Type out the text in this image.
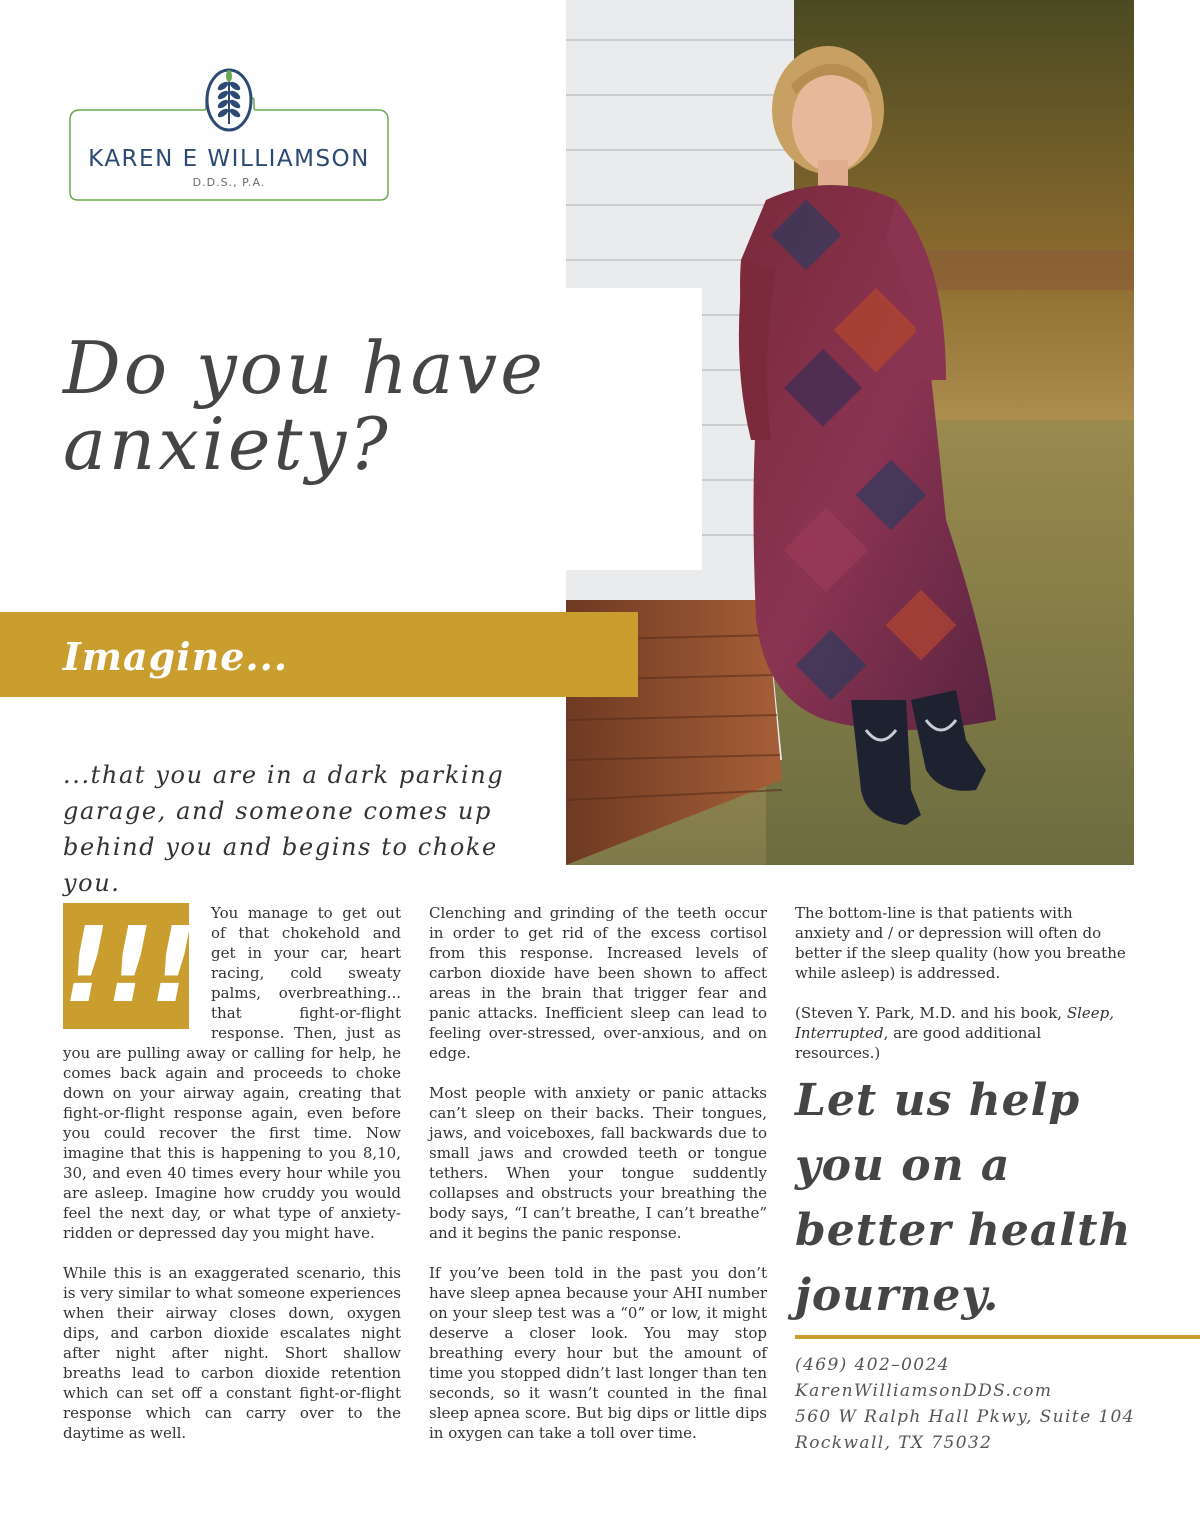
KAREN E WILLIAMSON
D.D.S., P.A.
Do you have
anxiety?
Imagine...
...that you are in a dark parking
garage, and someone comes up
behind you and begins to choke you.
!!!	You manage to get out of that chokehold and get in your car, heart racing, cold sweaty palms, overbreathing... that fight-or-flight response. Then, just as you are pulling away or calling for help, he comes back again and proceeds to choke down on your airway again, creating that fight-or-flight response again, even before you could recover the first time. Now imagine that this is happening to you 8,10, 30, and even 40 times every hour while you are asleep. Imagine how cruddy you would feel the next day, or what type of anxiety-ridden or depressed day you might have.

While this is an exaggerated scenario, this is very similar to what someone experiences when their airway closes down, oxygen dips, and carbon dioxide escalates night after night after night. Short shallow breaths lead to carbon dioxide retention which can set off a constant fight-or-flight response which can carry over to the daytime as well.

Clenching and grinding of the teeth occur in order to get rid of the excess cortisol from this response. Increased levels of carbon dioxide have been shown to affect areas in the brain that trigger fear and panic attacks. Inefficient sleep can lead to feeling over-stressed, over-anxious, and on edge.

Most people with anxiety or panic attacks can’t sleep on their backs. Their tongues, jaws, and voiceboxes, fall backwards due to small jaws and crowded teeth or tongue tethers. When your tongue suddently collapses and obstructs your breathing the body says, “I can’t breathe, I can’t breathe” and it begins the panic response.

If you’ve been told in the past you don’t have sleep apnea because your AHI number on your sleep test was a “0” or low, it might deserve a closer look. You may stop breathing every hour but the amount of time you stopped didn’t last longer than ten seconds, so it wasn’t counted in the final sleep apnea score. But big dips or little dips in oxygen can take a toll over time.

The bottom-line is that patients with anxiety and / or depression will often do better if the sleep quality (how you breathe while asleep) is addressed.

(Steven Y. Park, M.D. and his book, Sleep, Interrupted, are good additional resources.)

Let us help
you on a
better health
journey.
(469) 402–0024
KarenWilliamsonDDS.com
560 W Ralph Hall Pkwy, Suite 104
Rockwall, TX 75032
